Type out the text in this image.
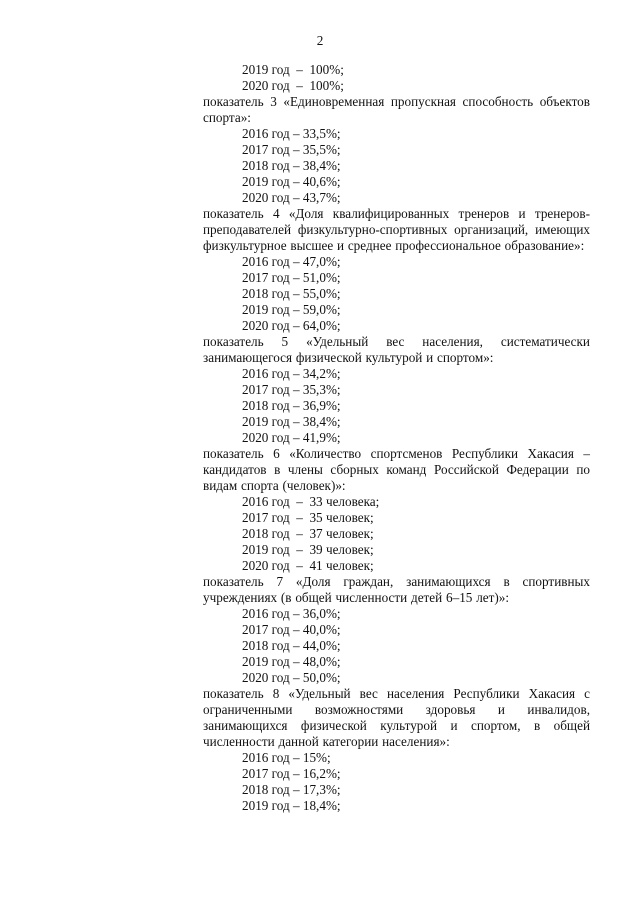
2
2019 год  –  100%;
2020 год  –  100%;
показатель 3 «Единовременная пропускная способность объектов спорта»:
2016 год – 33,5%;
2017 год – 35,5%;
2018 год – 38,4%;
2019 год – 40,6%;
2020 год – 43,7%;
показатель 4 «Доля квалифицированных тренеров и тренеров-преподавателей физкультурно-спортивных организаций, имеющих физкультурное высшее и среднее профессиональное образование»:
2016 год – 47,0%;
2017 год – 51,0%;
2018 год – 55,0%;
2019 год – 59,0%;
2020 год – 64,0%;
показатель 5 «Удельный вес населения, систематически занимающегося физической культурой и спортом»:
2016 год – 34,2%;
2017 год – 35,3%;
2018 год – 36,9%;
2019 год – 38,4%;
2020 год – 41,9%;
показатель 6 «Количество спортсменов Республики Хакасия – кандидатов в члены сборных команд Российской Федерации по видам спорта (человек)»:
2016 год  –  33 человека;
2017 год  –  35 человек;
2018 год  –  37 человек;
2019 год  –  39 человек;
2020 год  –  41 человек;
показатель 7 «Доля граждан, занимающихся в спортивных учреждениях (в общей численности детей 6–15 лет)»:
2016 год – 36,0%;
2017 год – 40,0%;
2018 год – 44,0%;
2019 год – 48,0%;
2020 год – 50,0%;
показатель 8 «Удельный вес населения Республики Хакасия с ограниченными возможностями здоровья и инвалидов, занимающихся физической культурой и спортом, в общей численности данной категории населения»:
2016 год – 15%;
2017 год – 16,2%;
2018 год – 17,3%;
2019 год – 18,4%;
